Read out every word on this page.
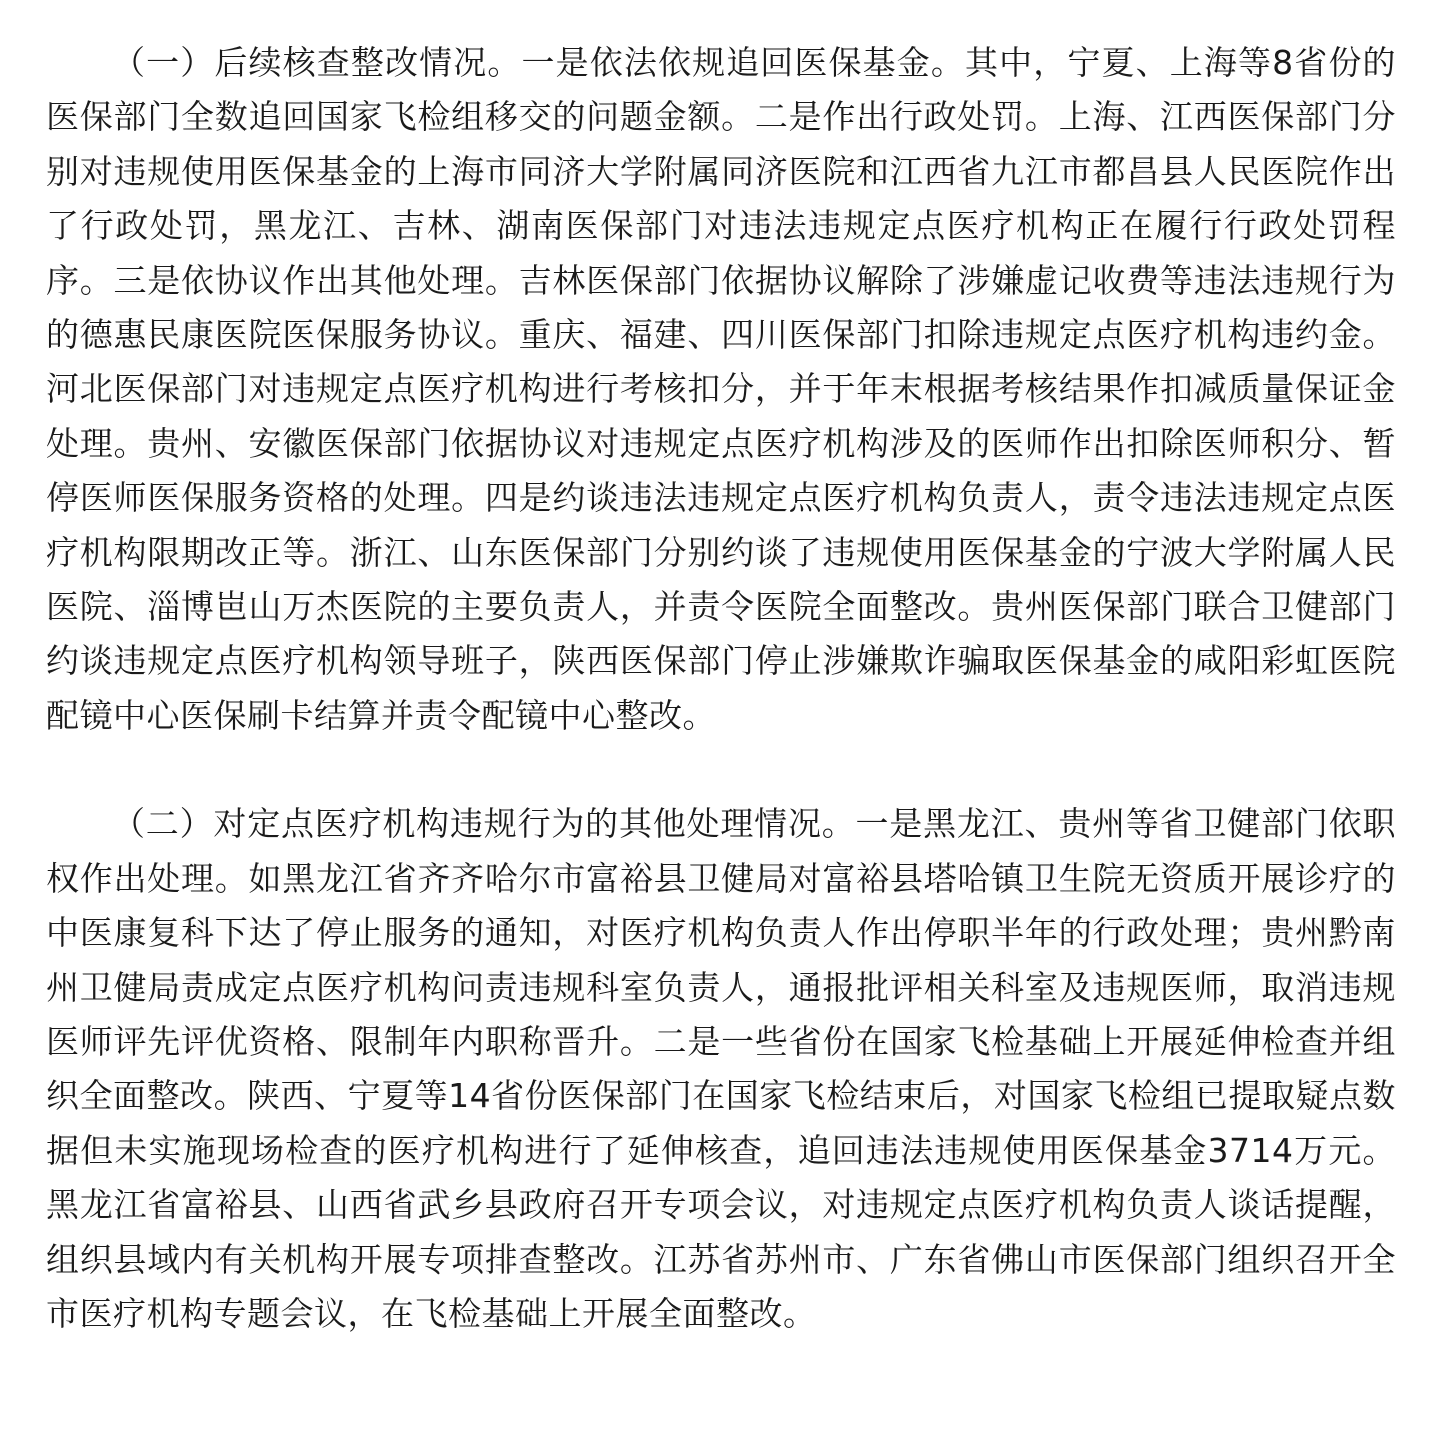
（一）后续核查整改情况。一是依法依规追回医保基金。其中，宁夏、上海等8省份的医保部门全数追回国家飞检组移交的问题金额。二是作出行政处罚。上海、江西医保部门分别对违规使用医保基金的上海市同济大学附属同济医院和江西省九江市都昌县人民医院作出了行政处罚，黑龙江、吉林、湖南医保部门对违法违规定点医疗机构正在履行行政处罚程序。三是依协议作出其他处理。吉林医保部门依据协议解除了涉嫌虚记收费等违法违规行为的德惠民康医院医保服务协议。重庆、福建、四川医保部门扣除违规定点医疗机构违约金。河北医保部门对违规定点医疗机构进行考核扣分，并于年末根据考核结果作扣减质量保证金处理。贵州、安徽医保部门依据协议对违规定点医疗机构涉及的医师作出扣除医师积分、暂停医师医保服务资格的处理。四是约谈违法违规定点医疗机构负责人，责令违法违规定点医疗机构限期改正等。浙江、山东医保部门分别约谈了违规使用医保基金的宁波大学附属人民医院、淄博岜山万杰医院的主要负责人，并责令医院全面整改。贵州医保部门联合卫健部门约谈违规定点医疗机构领导班子，陕西医保部门停止涉嫌欺诈骗取医保基金的咸阳彩虹医院配镜中心医保刷卡结算并责令配镜中心整改。

（二）对定点医疗机构违规行为的其他处理情况。一是黑龙江、贵州等省卫健部门依职权作出处理。如黑龙江省齐齐哈尔市富裕县卫健局对富裕县塔哈镇卫生院无资质开展诊疗的中医康复科下达了停止服务的通知，对医疗机构负责人作出停职半年的行政处理；贵州黔南州卫健局责成定点医疗机构问责违规科室负责人，通报批评相关科室及违规医师，取消违规医师评先评优资格、限制年内职称晋升。二是一些省份在国家飞检基础上开展延伸检查并组织全面整改。陕西、宁夏等14省份医保部门在国家飞检结束后，对国家飞检组已提取疑点数据但未实施现场检查的医疗机构进行了延伸核查，追回违法违规使用医保基金3714万元。黑龙江省富裕县、山西省武乡县政府召开专项会议，对违规定点医疗机构负责人谈话提醒，组织县域内有关机构开展专项排查整改。江苏省苏州市、广东省佛山市医保部门组织召开全市医疗机构专题会议，在飞检基础上开展全面整改。
